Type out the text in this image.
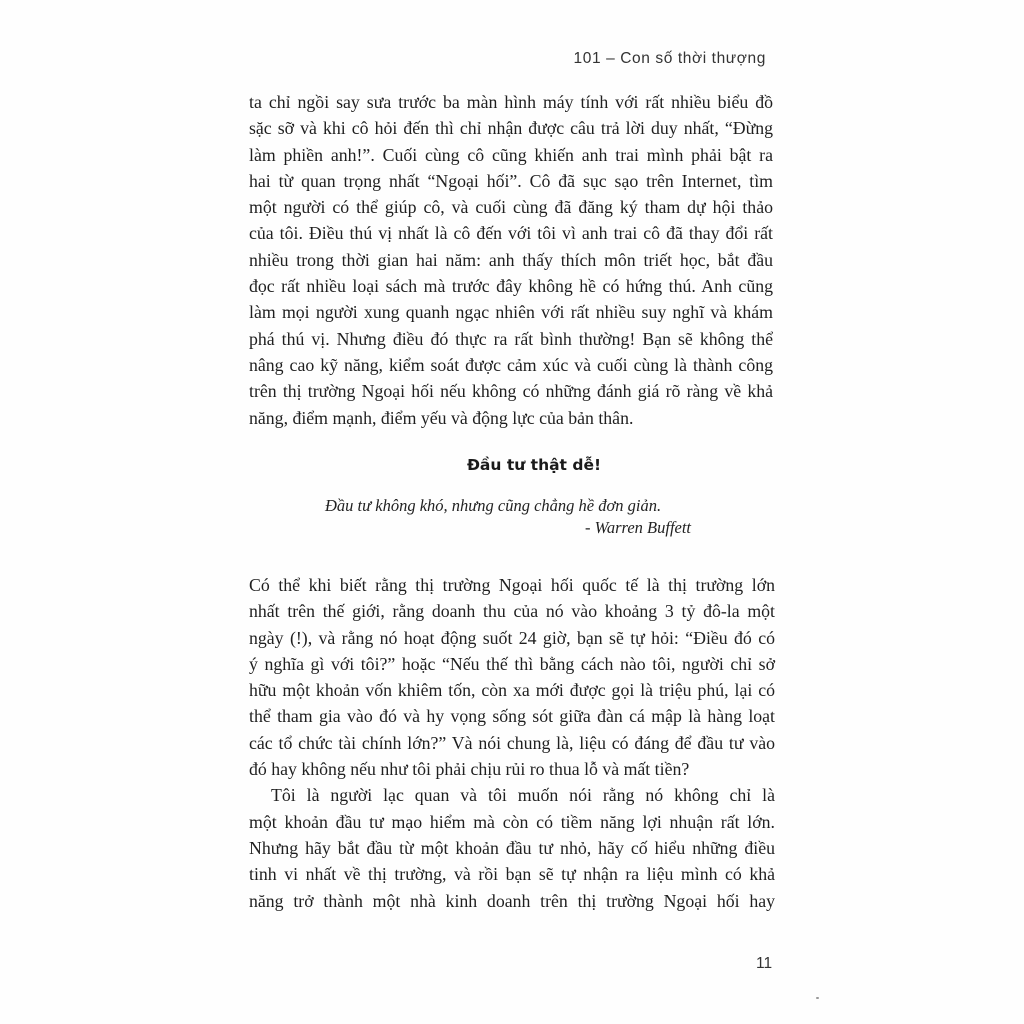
101 – Con số thời thượng
ta chỉ ngồi say sưa trước ba màn hình máy tính với rất nhiều biểu đồ
sặc sỡ và khi cô hỏi đến thì chỉ nhận được câu trả lời duy nhất, “Đừng
làm phiền anh!”. Cuối cùng cô cũng khiến anh trai mình phải bật ra
hai từ quan trọng nhất “Ngoại hối”. Cô đã sục sạo trên Internet, tìm
một người có thể giúp cô, và cuối cùng đã đăng ký tham dự hội thảo
của tôi. Điều thú vị nhất là cô đến với tôi vì anh trai cô đã thay đổi rất
nhiều trong thời gian hai năm: anh thấy thích môn triết học, bắt đầu
đọc rất nhiều loại sách mà trước đây không hề có hứng thú. Anh cũng
làm mọi người xung quanh ngạc nhiên với rất nhiều suy nghĩ và khám
phá thú vị. Nhưng điều đó thực ra rất bình thường! Bạn sẽ không thể
nâng cao kỹ năng, kiểm soát được cảm xúc và cuối cùng là thành công
trên thị trường Ngoại hối nếu không có những đánh giá rõ ràng về khả
năng, điểm mạnh, điểm yếu và động lực của bản thân.
Đầu tư thật dễ!
Đầu tư không khó, nhưng cũng chẳng hề đơn giản.
- Warren Buffett
Có thể khi biết rằng thị trường Ngoại hối quốc tế là thị trường lớn
nhất trên thế giới, rằng doanh thu của nó vào khoảng 3 tỷ đô-la một
ngày (!), và rằng nó hoạt động suốt 24 giờ, bạn sẽ tự hỏi: “Điều đó có
ý nghĩa gì với tôi?” hoặc “Nếu thế thì bằng cách nào tôi, người chỉ sở
hữu một khoản vốn khiêm tốn, còn xa mới được gọi là triệu phú, lại có
thể tham gia vào đó và hy vọng sống sót giữa đàn cá mập là hàng loạt
các tổ chức tài chính lớn?” Và nói chung là, liệu có đáng để đầu tư vào
đó hay không nếu như tôi phải chịu rủi ro thua lỗ và mất tiền?
Tôi là người lạc quan và tôi muốn nói rằng nó không chỉ là
một khoản đầu tư mạo hiểm mà còn có tiềm năng lợi nhuận rất lớn.
Nhưng hãy bắt đầu từ một khoản đầu tư nhỏ, hãy cố hiểu những điều
tinh vi nhất về thị trường, và rồi bạn sẽ tự nhận ra liệu mình có khả
năng trở thành một nhà kinh doanh trên thị trường Ngoại hối hay
11
